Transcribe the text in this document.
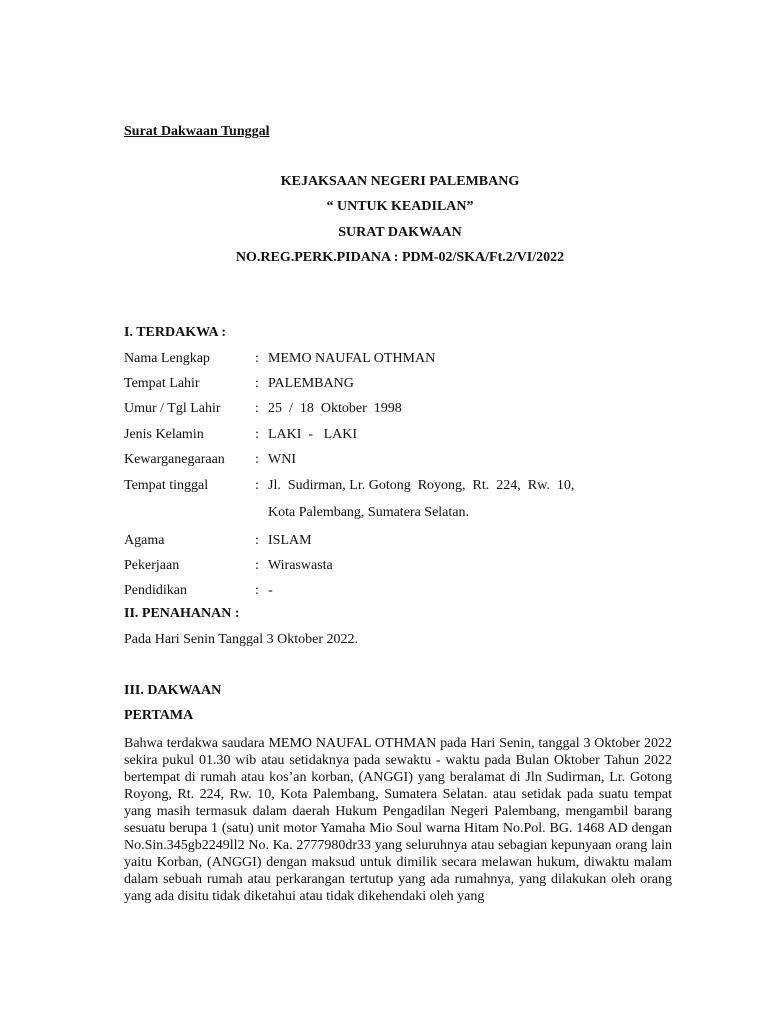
Surat Dakwaan Tunggal
KEJAKSAAN NEGERI PALEMBANG
“ UNTUK KEADILAN”
SURAT DAKWAAN
NO.REG.PERK.PIDANA : PDM-02/SKA/Ft.2/VI/2022
I. TERDAKWA :
Nama Lengkap	: MEMO NAUFAL OTHMAN
Tempat Lahir	: PALEMBANG
Umur / Tgl Lahir : 25  /  18  Oktober  1998
Jenis Kelamin	: LAKI  -   LAKI
Kewarganegaraan : WNI
Tempat tinggal	: Jl.  Sudirman, Lr. Gotong  Royong,  Rt.  224,  Rw.  10,
Kota Palembang, Sumatera Selatan.
Agama	: ISLAM
Pekerjaan	: Wiraswasta
Pendidikan	: -
II. PENAHANAN :
Pada Hari Senin Tanggal 3 Oktober 2022.
III. DAKWAAN
PERTAMA
Bahwa terdakwa saudara MEMO NAUFAL OTHMAN pada Hari Senin, tanggal 3 Oktober 2022 sekira pukul 01.30 wib atau setidaknya pada sewaktu - waktu pada Bulan Oktober Tahun 2022 bertempat di rumah atau kos’an korban, (ANGGI) yang beralamat di Jln Sudirman, Lr. Gotong Royong, Rt. 224, Rw. 10, Kota Palembang, Sumatera Selatan. atau setidak pada suatu tempat yang masih termasuk dalam daerah Hukum Pengadilan Negeri Palembang, mengambil barang sesuatu berupa 1 (satu) unit motor Yamaha Mio Soul warna Hitam No.Pol. BG. 1468 AD dengan No.Sin.345gb2249ll2 No. Ka. 2777980dr33 yang seluruhnya atau sebagian kepunyaan orang lain yaitu Korban, (ANGGI) dengan maksud untuk dimilik secara melawan hukum, diwaktu malam dalam sebuah rumah atau perkarangan tertutup yang ada rumahnya, yang dilakukan oleh orang yang ada disitu tidak diketahui atau tidak dikehendaki oleh yang
